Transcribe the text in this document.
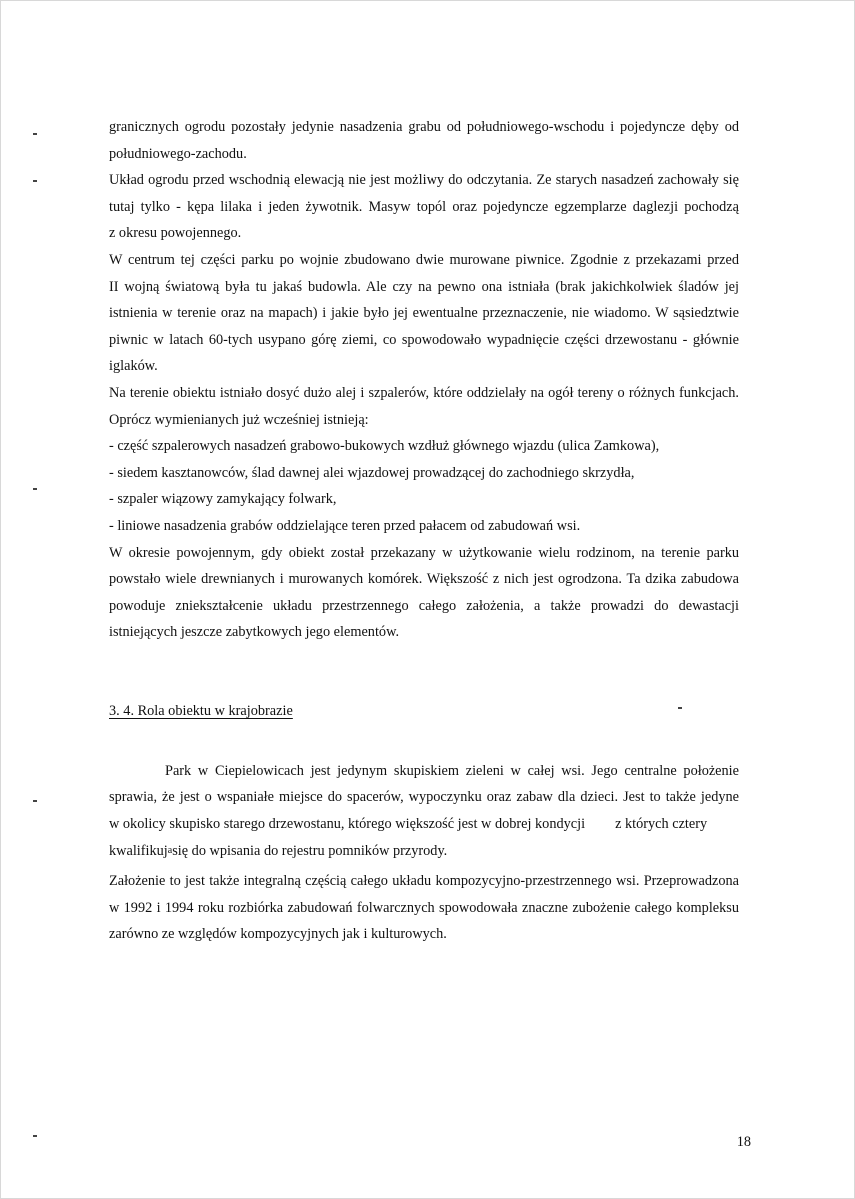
granicznych ogrodu pozostały jedynie nasadzenia grabu od południowego-wschodu i pojedyncze dęby od
południowego-zachodu.
Układ ogrodu przed wschodnią elewacją nie jest możliwy do odczytania. Ze starych nasadzeń zachowały się
tutaj tylko - kępa lilaka i jeden żywotnik. Masyw topól oraz pojedyncze egzemplarze daglezji pochodzą
z okresu powojennego.
W centrum tej części parku po wojnie zbudowano dwie murowane piwnice. Zgodnie z przekazami przed
II wojną światową była tu jakaś budowla. Ale czy na pewno ona istniała (brak jakichkolwiek śladów jej
istnienia w terenie oraz na mapach) i jakie było jej ewentualne przeznaczenie, nie wiadomo. W sąsiedztwie
piwnic w latach 60-tych usypano górę ziemi, co spowodowało wypadnięcie części drzewostanu - głównie
iglaków.
Na terenie obiektu istniało dosyć dużo alej i szpalerów, które oddzielały na ogół tereny o różnych funkcjach.
Oprócz wymienianych już wcześniej istnieją:
- część szpalerowych nasadzeń grabowo-bukowych wzdłuż głównego wjazdu (ulica Zamkowa),
- siedem kasztanowców, ślad dawnej alei wjazdowej prowadzącej do zachodniego skrzydła,
- szpaler wiązowy zamykający folwark,
- liniowe nasadzenia grabów oddzielające teren przed pałacem od zabudowań wsi.
W okresie powojennym, gdy obiekt został przekazany w użytkowanie wielu rodzinom, na terenie parku
powstało wiele drewnianych i murowanych komórek. Większość z nich jest ogrodzona. Ta dzika zabudowa
powoduje zniekształcenie układu przestrzennego całego założenia, a także prowadzi do dewastacji
istniejących jeszcze zabytkowych jego elementów.
3. 4. Rola obiektu w krajobrazie
Park w Ciepielowicach jest jedynym skupiskiem zieleni w całej wsi. Jego centralne położenie
sprawia, że jest o wspaniałe miejsce do spacerów, wypoczynku oraz zabaw dla dzieci. Jest to także jedyne
w okolicy skupisko starego drzewostanu, którego większość jest w dobrej kondycji z których cztery
kwalifikujasię do wpisania do rejestru pomników przyrody.
Założenie to jest także integralną częścią całego układu kompozycyjno-przestrzennego wsi. Przeprowadzona
w 1992 i 1994 roku rozbiórka zabudowań folwarcznych spowodowała znaczne zubożenie całego kompleksu
zarówno ze względów kompozycyjnych jak i kulturowych.
18
